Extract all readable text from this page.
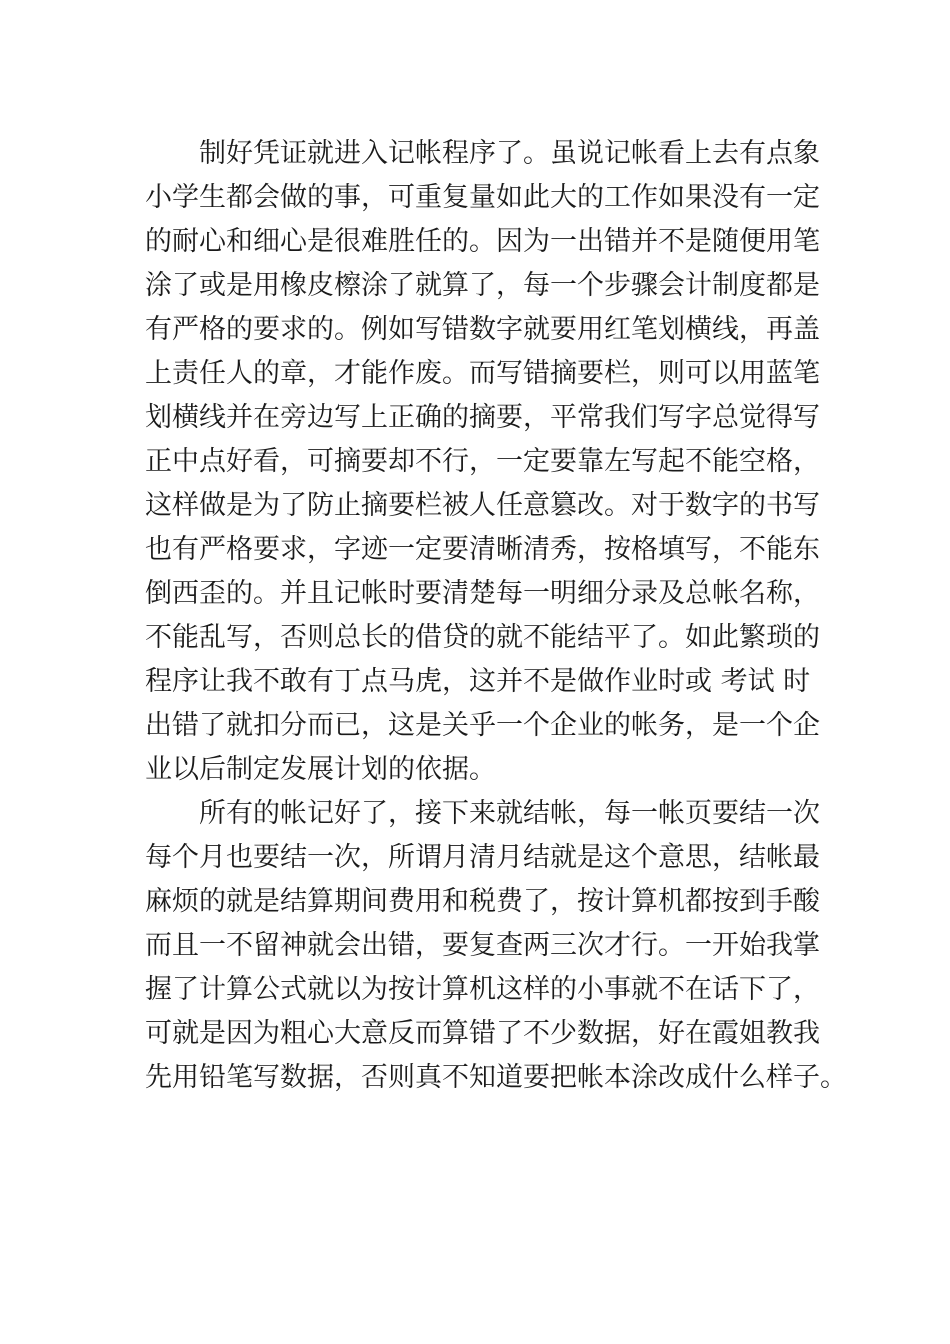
　　制好凭证就进入记帐程序了。虽说记帐看上去有点象
小学生都会做的事，可重复量如此大的工作如果没有一定
的耐心和细心是很难胜任的。因为一出错并不是随便用笔
涂了或是用橡皮檫涂了就算了，每一个步骤会计制度都是
有严格的要求的。例如写错数字就要用红笔划横线，再盖
上责任人的章，才能作废。而写错摘要栏，则可以用蓝笔
划横线并在旁边写上正确的摘要，平常我们写字总觉得写
正中点好看，可摘要却不行，一定要靠左写起不能空格，
这样做是为了防止摘要栏被人任意篡改。对于数字的书写
也有严格要求，字迹一定要清晰清秀，按格填写，不能东
倒西歪的。并且记帐时要清楚每一明细分录及总帐名称，
不能乱写，否则总长的借贷的就不能结平了。如此繁琐的
程序让我不敢有丁点马虎，这并不是做作业时或 考试 时
出错了就扣分而已，这是关乎一个企业的帐务，是一个企
业以后制定发展计划的依据。
　　所有的帐记好了，接下来就结帐，每一帐页要结一次
每个月也要结一次，所谓月清月结就是这个意思，结帐最
麻烦的就是结算期间费用和税费了，按计算机都按到手酸
而且一不留神就会出错，要复查两三次才行。一开始我掌
握了计算公式就以为按计算机这样的小事就不在话下了，
可就是因为粗心大意反而算错了不少数据，好在霞姐教我
先用铅笔写数据，否则真不知道要把帐本涂改成什么样子。
